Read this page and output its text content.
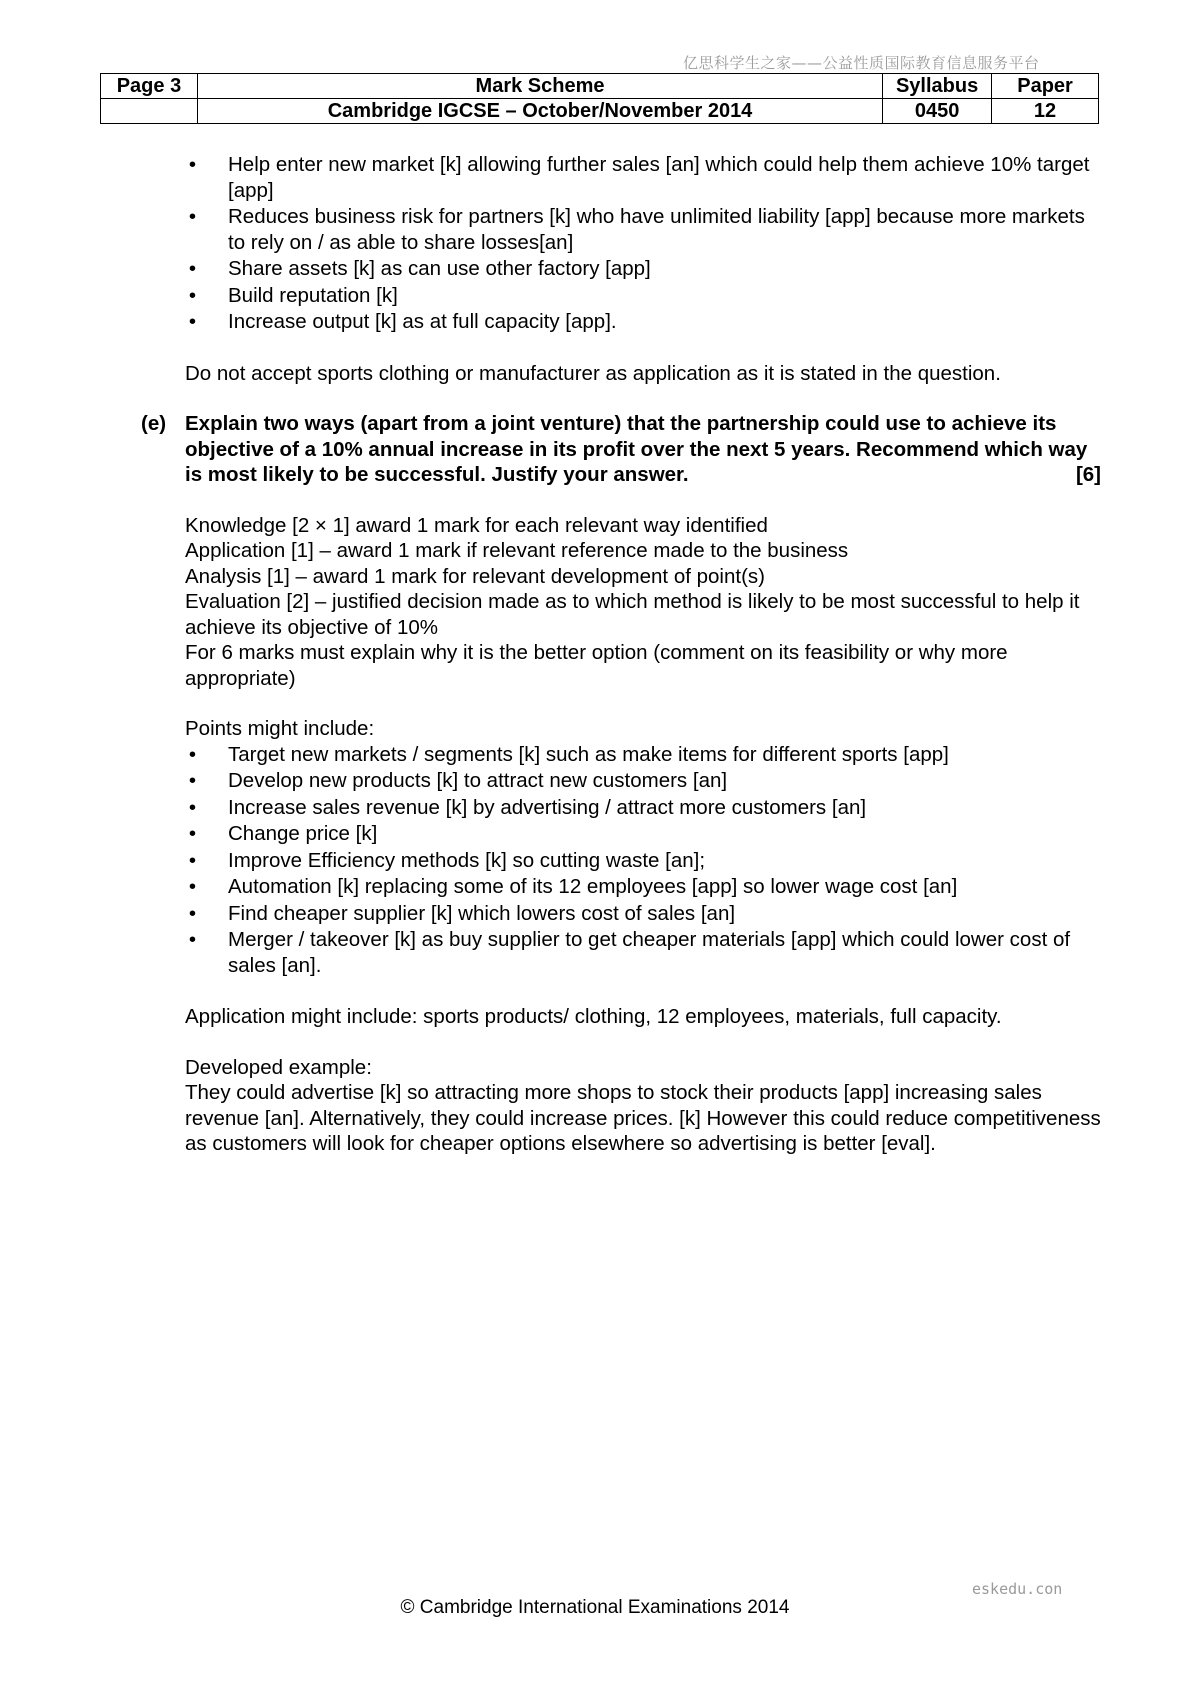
亿思科学生之家——公益性质国际教育信息服务平台
Page 3	Mark Scheme	Syllabus	Paper
	Cambridge IGCSE – October/November 2014	0450	12
• Help enter new market [k] allowing further sales [an] which could help them achieve 10% target [app]
• Reduces business risk for partners [k] who have unlimited liability [app] because more markets to rely on / as able to share losses[an]
• Share assets [k] as can use other factory [app]
• Build reputation [k]
• Increase output [k] as at full capacity [app].

Do not accept sports clothing or manufacturer as application as it is stated in the question.

(e) Explain two ways (apart from a joint venture) that the partnership could use to achieve its objective of a 10% annual increase in its profit over the next 5 years. Recommend which way is most likely to be successful. Justify your answer.	[6]

Knowledge [2 × 1] award 1 mark for each relevant way identified

Application [1] – award 1 mark if relevant reference made to the business

Analysis [1] – award 1 mark for relevant development of point(s)

Evaluation [2] – justified decision made as to which method is likely to be most successful to help it achieve its objective of 10%

For 6 marks must explain why it is the better option (comment on its feasibility or why more appropriate)

Points might include:

• Target new markets / segments [k] such as make items for different sports [app]
• Develop new products [k] to attract new customers [an]
• Increase sales revenue [k] by advertising / attract more customers [an]
• Change price [k]
• Improve Efficiency methods [k] so cutting waste [an];
• Automation [k] replacing some of its 12 employees [app] so lower wage cost [an]
• Find cheaper supplier [k] which lowers cost of sales [an]
• Merger / takeover [k] as buy supplier to get cheaper materials [app] which could lower cost of sales [an].

Application might include: sports products/ clothing, 12 employees, materials, full capacity.

Developed example:

They could advertise [k] so attracting more shops to stock their products [app] increasing sales revenue [an]. Alternatively, they could increase prices. [k] However this could reduce competitiveness as customers will look for cheaper options elsewhere so advertising is better [eval].

eskedu.con
© Cambridge International Examinations 2014
